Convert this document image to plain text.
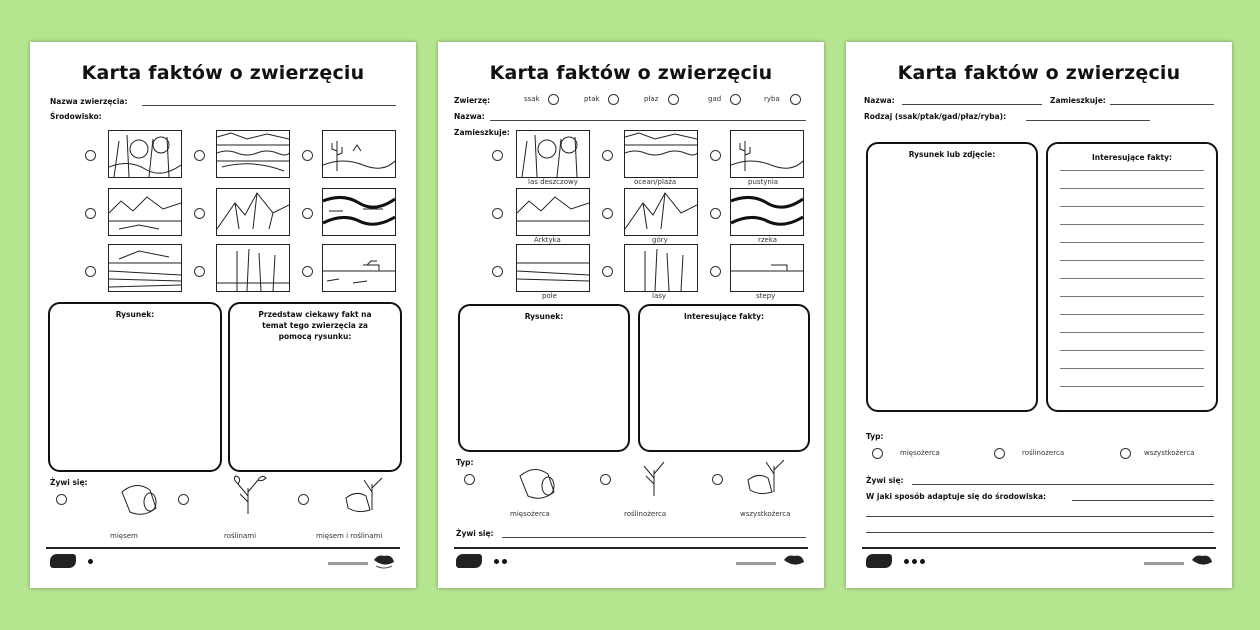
Karta faktów o zwierzęciu
Nazwa zwierzęcia:
Środowisko:
Rysunek:	Przedstaw ciekawy fakt na temat tego zwierzęcia za pomocą rysunku:
Żywi się:
mięsem	roślinami	mięsem i roślinami
Karta faktów o zwierzęciu
Zwierzę:	ssak	ptak	płaz	gad	ryba
Nazwa:
Zamieszkuje:
las deszczowy	ocean/plaża	pustynia
Arktyka	góry	rzeka
pole	lasy	stepy
Rysunek:	Interesujące fakty:
Typ:
mięsożerca	roślinożerca	wszystkożerca
Żywi się:
Karta faktów o zwierzęciu
Nazwa:	Zamieszkuje:
Rodzaj (ssak/ptak/gad/płaz/ryba):
Rysunek lub zdjęcie:	Interesujące fakty:
Typ:
mięsożerca	roślinożerca	wszystkożerca
Żywi się:
W jaki sposób adaptuje się do środowiska:
